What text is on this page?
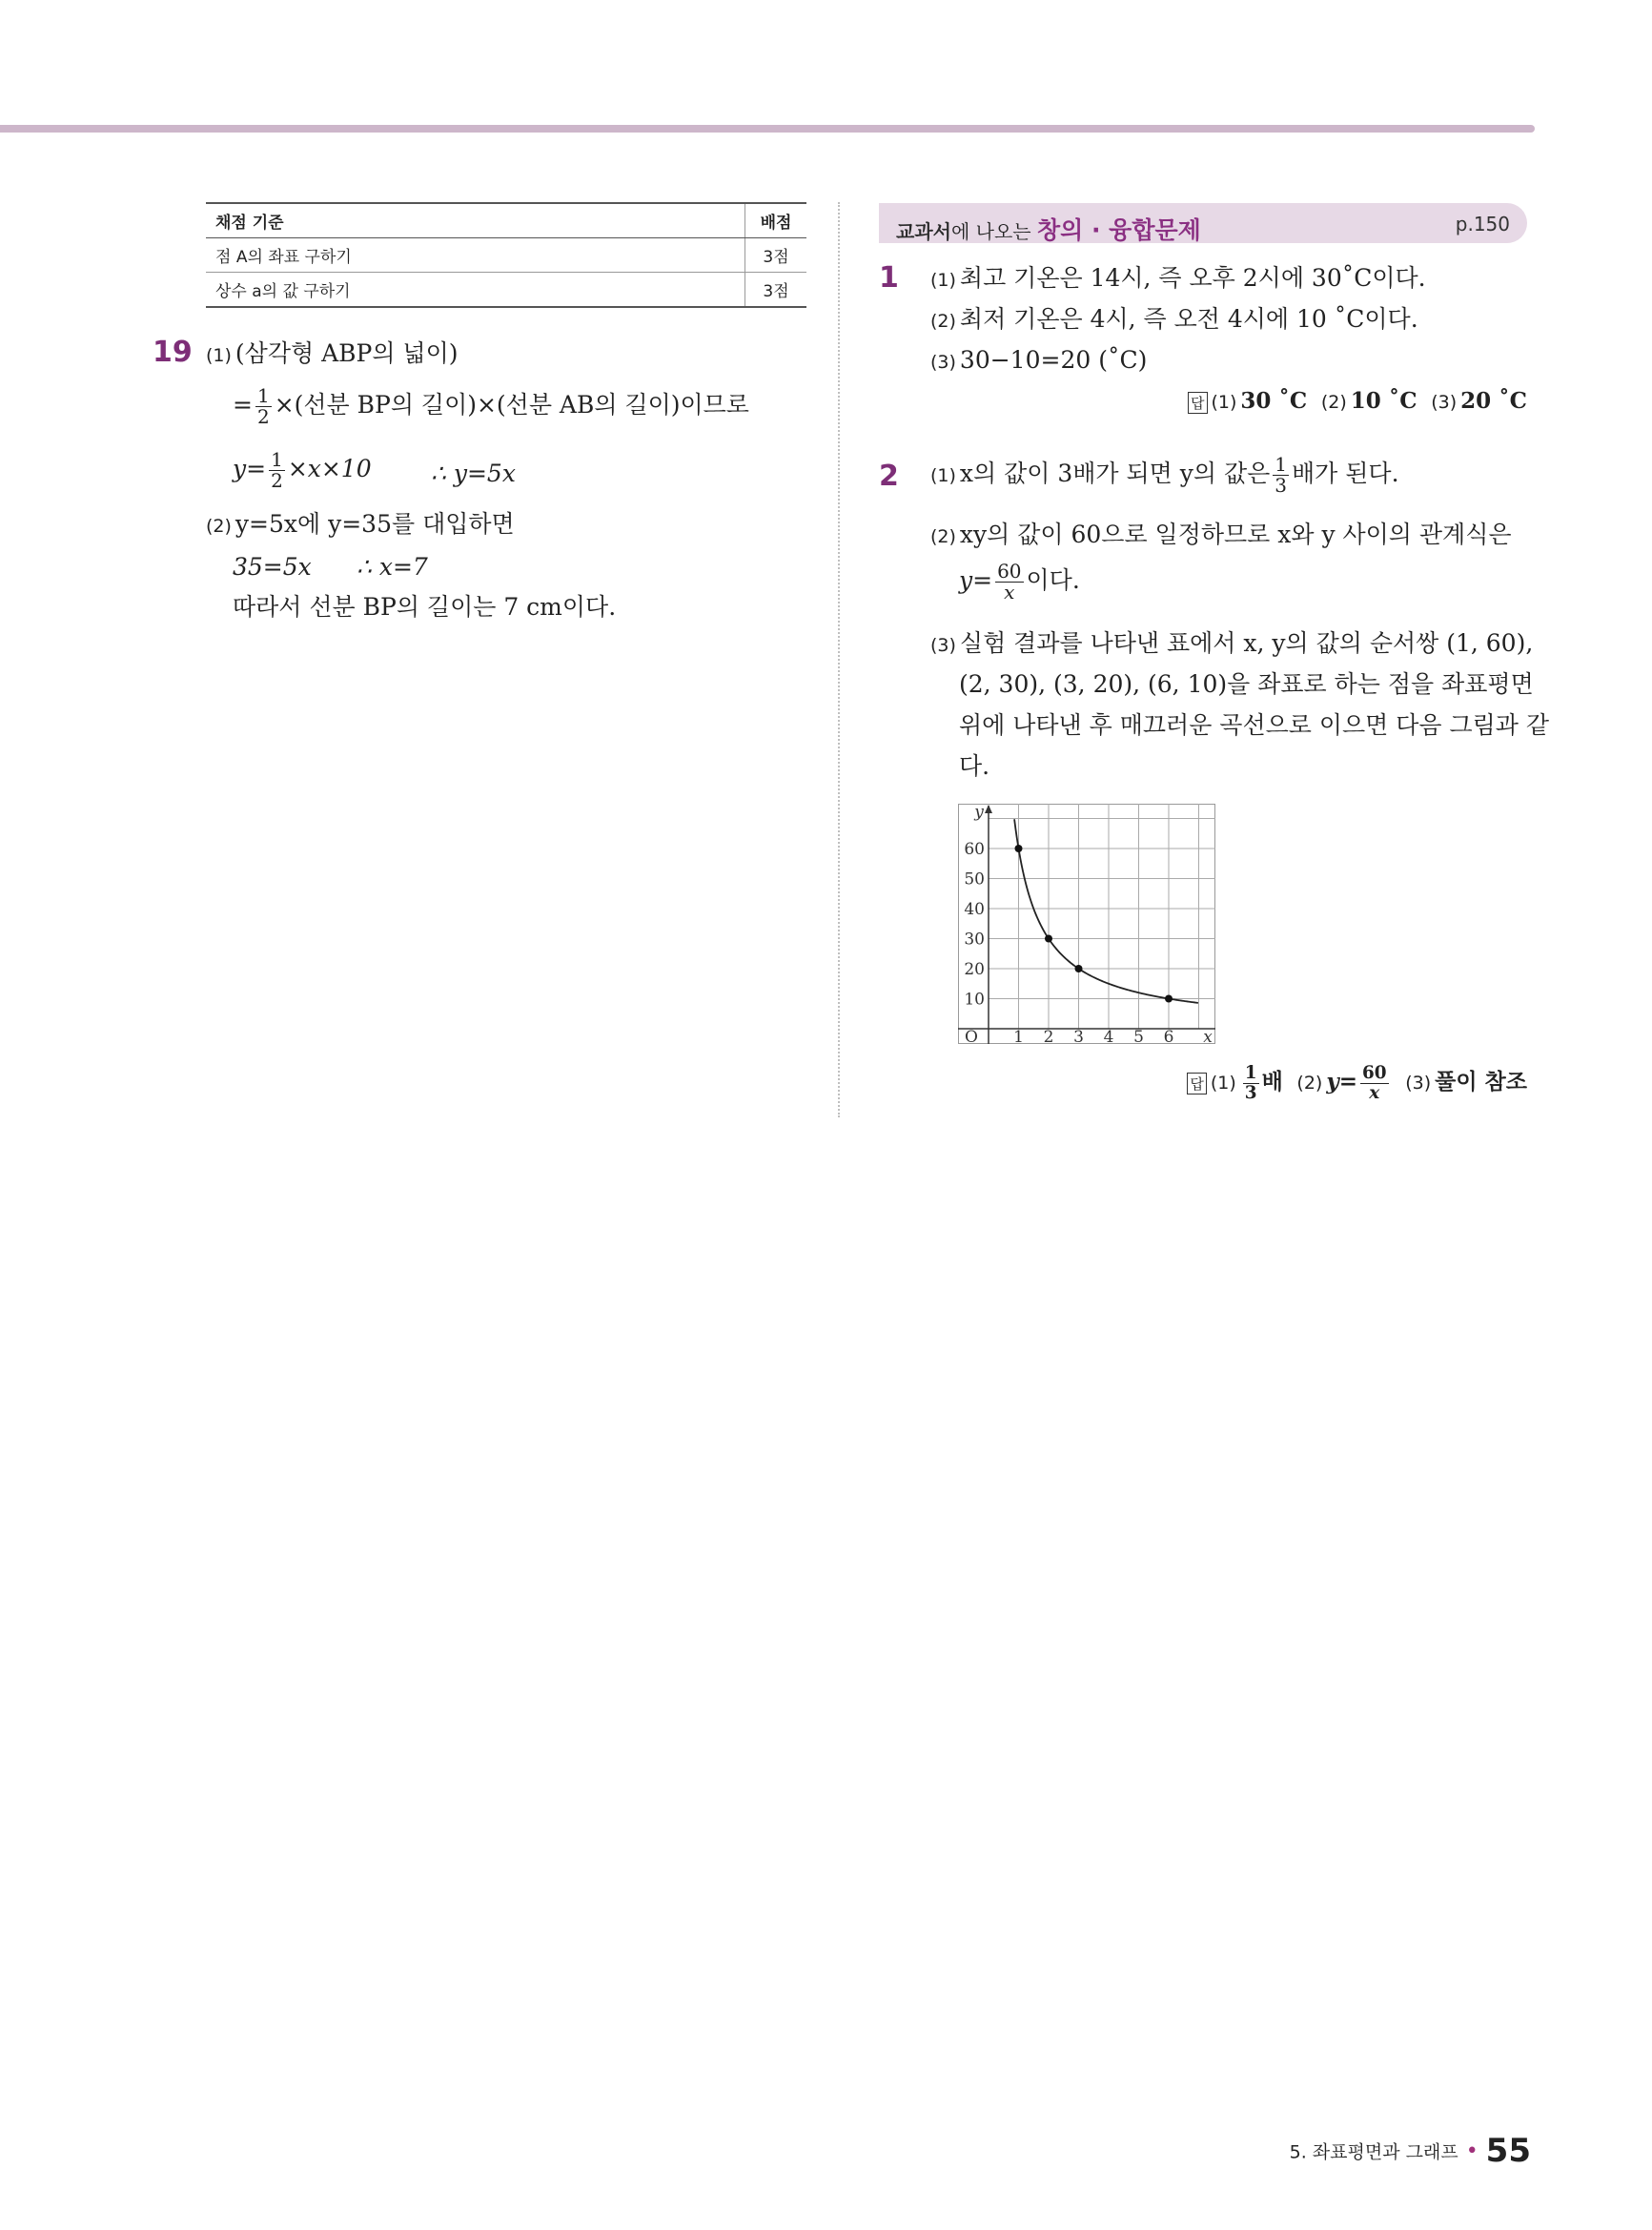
채점 기준	배점
점 A의 좌표 구하기	3점
상수 a의 값 구하기	3점
19 (1) (삼각형 ABP의 넓이)
= $\frac{1}{2}$ ×(선분 BP의 길이)×(선분 AB의 길이)이므로
$y= \frac{1}{2} \times x\times 10$ ∴ y=5x
(2) y=5x에 y=35를 대입하면
35=5x ∴ x=7
따라서 선분 BP의 길이는 7 cm이다.
교과서에 나오는 창의 · 융합문제	p.150
1 (1) 최고 기온은 14시, 즉 오후 2시에 30˚C이다.
(2) 최저 기온은 4시, 즉 오전 4시에 10 ˚C이다.
(3) 30−10=20 (˚C)
답 (1) 30 ˚C (2) 10 ˚C (3) 20 ˚C
2 (1) x의 값이 3배가 되면 y의 값은 $\frac{1}{3}$ 배가 된다.
(2) xy의 값이 60으로 일정하므로 x와 y 사이의 관계식은
$y= \frac{60}{x}$ 이다.
(3) 실험 결과를 나타낸 표에서 x, y의 값의 순서쌍 (1, 60),
(2, 30), (3, 20), (6, 10)을 좌표로 하는 점을 좌표평면
위에 나타낸 후 매끄러운 곡선으로 이으면 다음 그림과 같
다.
1 2 3 4 5 6
10
20
30
40
50
60
O	x
y
답 $(1) \frac{1}{3}$ 배 (2) $y= \frac{60}{x} (3)$ 풀이 참조
5. 좌표평면과 그래프 • 55
